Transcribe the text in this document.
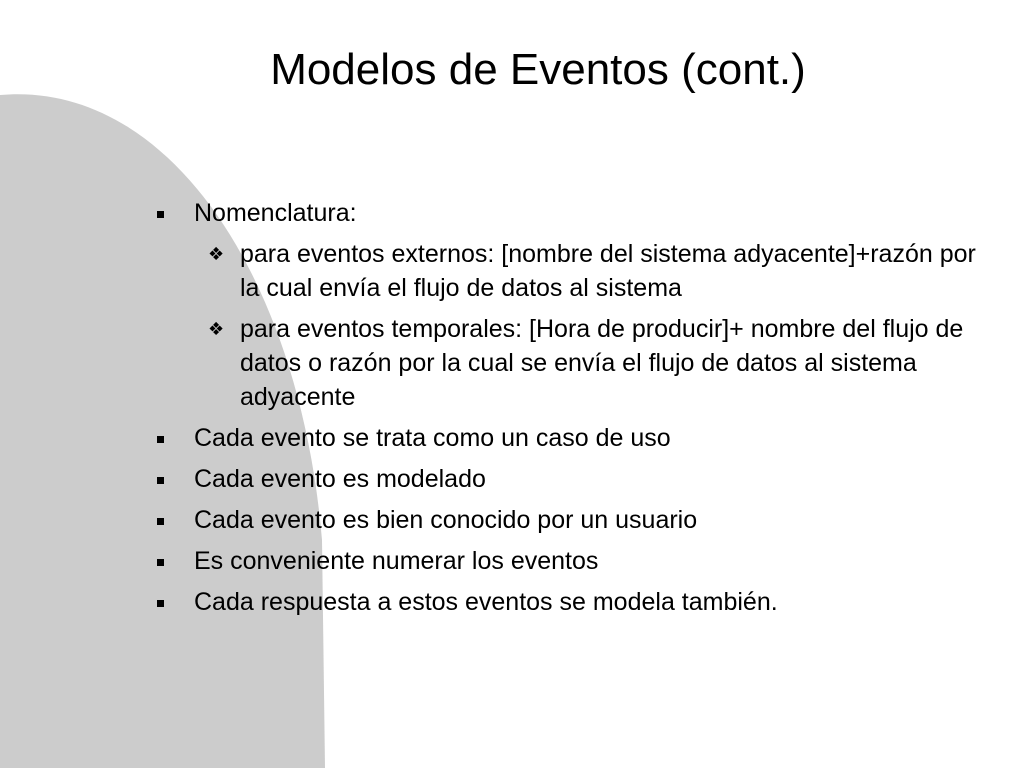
Modelos de Eventos (cont.)
Nomenclatura:
❖ para eventos externos: [nombre del sistema adyacente]+razón por la cual envía el flujo de datos al sistema
❖ para eventos temporales: [Hora de producir]+ nombre del flujo de datos o razón por la cual se envía el flujo de datos al sistema adyacente
Cada evento se trata como un caso de uso
Cada evento es modelado
Cada evento es bien conocido por un usuario
Es conveniente numerar los eventos
Cada respuesta a estos eventos se modela también.
